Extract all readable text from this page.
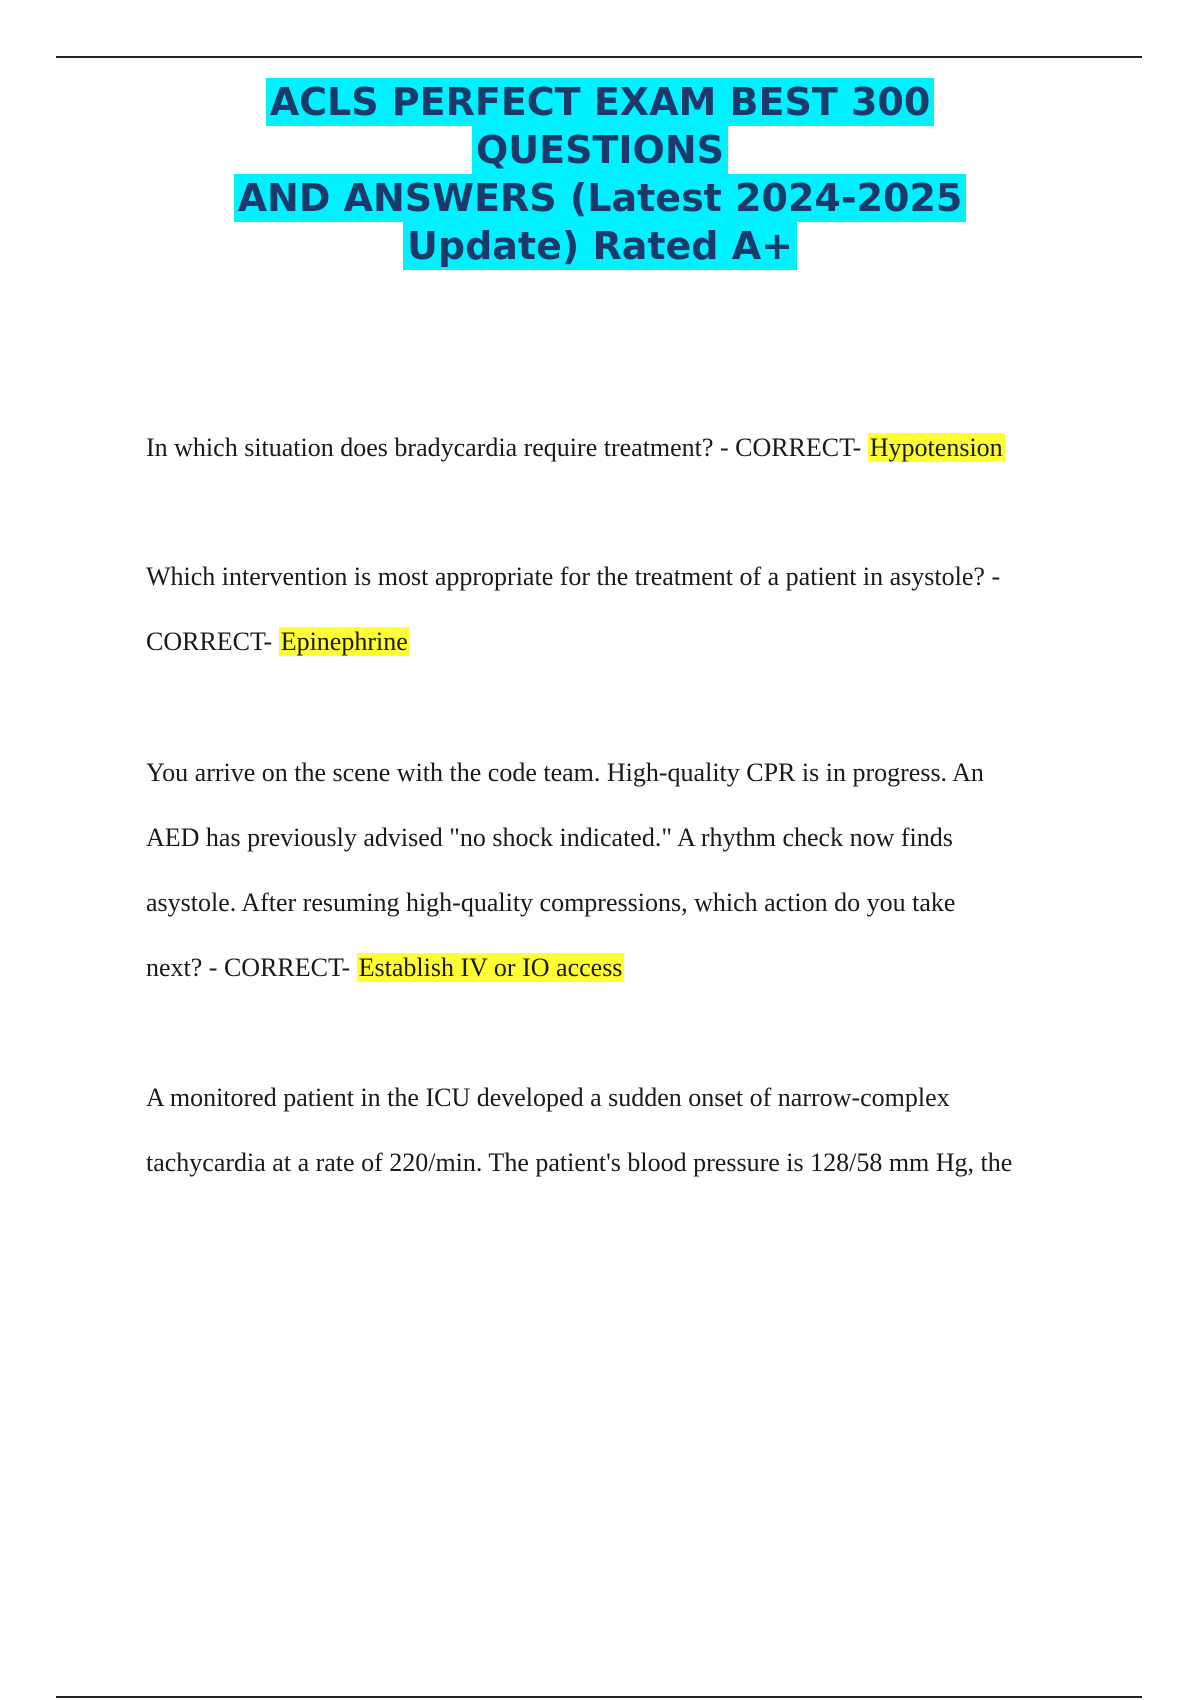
ACLS PERFECT EXAM BEST 300
QUESTIONS
AND ANSWERS (Latest 2024-2025
Update) Rated A+
In which situation does bradycardia require treatment? - CORRECT- Hypotension
Which intervention is most appropriate for the treatment of a patient in asystole? -
CORRECT- Epinephrine
You arrive on the scene with the code team. High-quality CPR is in progress. An
AED has previously advised "no shock indicated." A rhythm check now finds
asystole. After resuming high-quality compressions, which action do you take
next? - CORRECT- Establish IV or IO access
A monitored patient in the ICU developed a sudden onset of narrow-complex
tachycardia at a rate of 220/min. The patient's blood pressure is 128/58 mm Hg, the
